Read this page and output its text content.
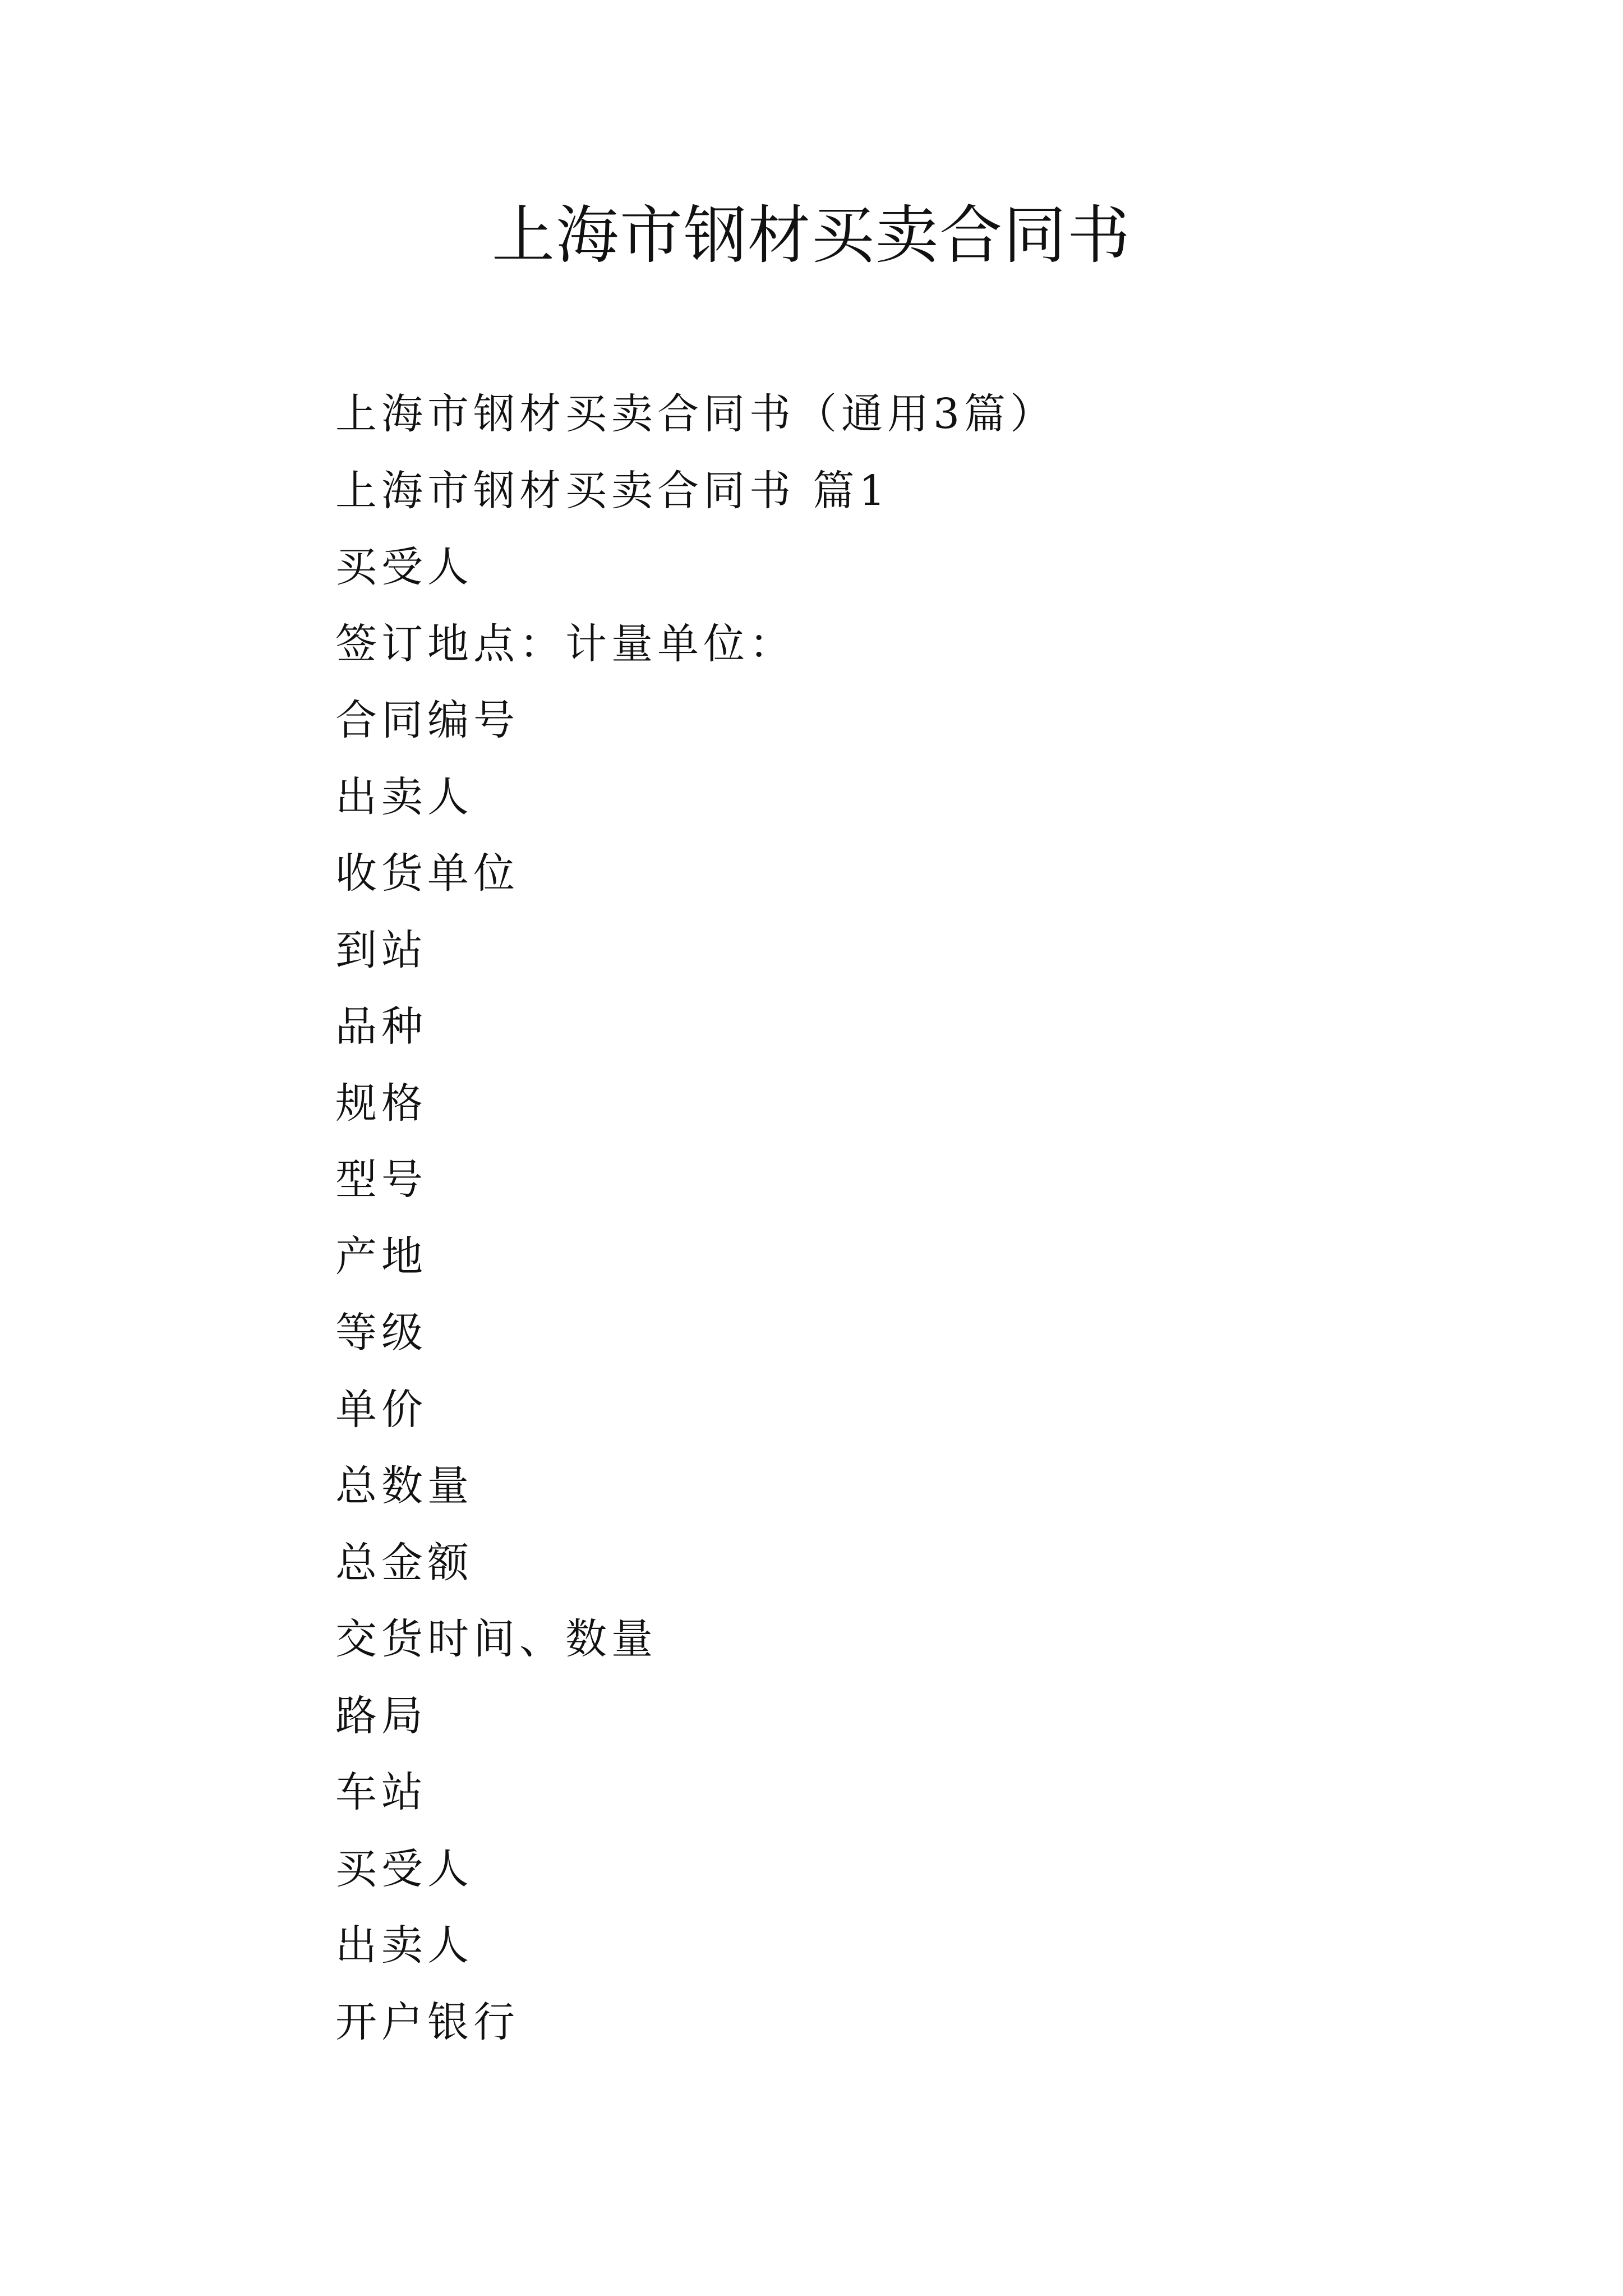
上海市钢材买卖合同书
上海市钢材买卖合同书（通用3篇）
上海市钢材买卖合同书 篇1
买受人
签订地点：计量单位：
合同编号
出卖人
收货单位
到站
品种
规格
型号
产地
等级
单价
总数量
总金额
交货时间、数量
路局
车站
买受人
出卖人
开户银行
